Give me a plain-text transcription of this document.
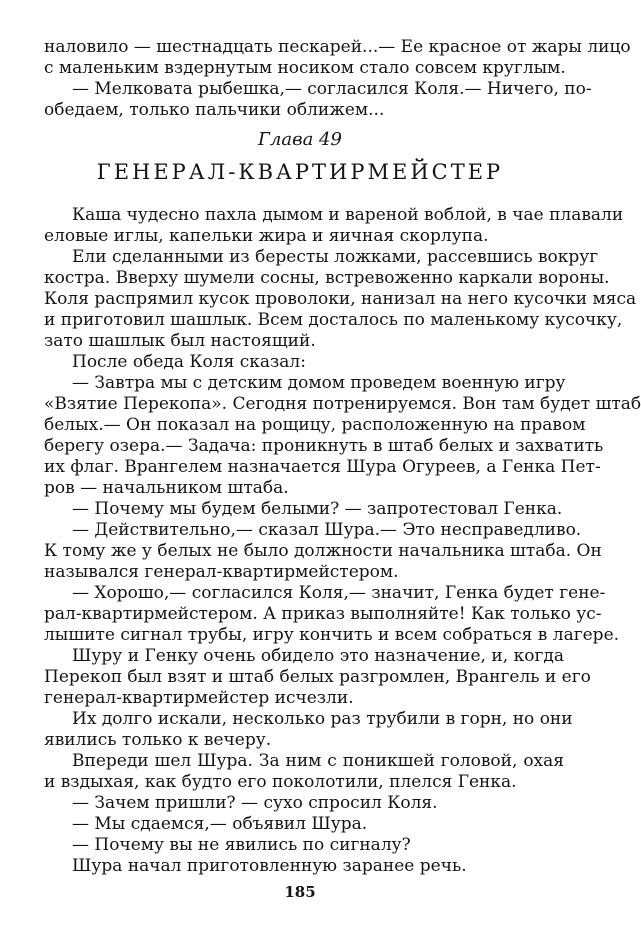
наловило — шестнадцать пескарей...— Ее красное от жары лицо
с маленьким вздернутым носиком стало совсем круглым.
— Мелковата рыбешка,— согласился Коля.— Ничего, по-
обедаем, только пальчики оближем...
Глава 49
ГЕНЕРАЛ-КВАРТИРМЕЙСТЕР
Каша чудесно пахла дымом и вареной воблой, в чае плавали
еловые иглы, капельки жира и яичная скорлупа.
Ели сделанными из бересты ложками, рассевшись вокруг
костра. Вверху шумели сосны, встревоженно каркали вороны.
Коля распрямил кусок проволоки, нанизал на него кусочки мяса
и приготовил шашлык. Всем досталось по маленькому кусочку,
зато шашлык был настоящий.
После обеда Коля сказал:
— Завтра мы с детским домом проведем военную игру
«Взятие Перекопа». Сегодня потренируемся. Вон там будет штаб
белых.— Он показал на рощицу, расположенную на правом
берегу озера.— Задача: проникнуть в штаб белых и захватить
их флаг. Врангелем назначается Шура Огуреев, а Генка Пет-
ров — начальником штаба.
— Почему мы будем белыми? — запротестовал Генка.
— Действительно,— сказал Шура.— Это несправедливо.
К тому же у белых не было должности начальника штаба. Он
назывался генерал-квартирмейстером.
— Хорошо,— согласился Коля,— значит, Генка будет гене-
рал-квартирмейстером. А приказ выполняйте! Как только ус-
лышите сигнал трубы, игру кончить и всем собраться в лагере.
Шуру и Генку очень обидело это назначение, и, когда
Перекоп был взят и штаб белых разгромлен, Врангель и его
генерал-квартирмейстер исчезли.
Их долго искали, несколько раз трубили в горн, но они
явились только к вечеру.
Впереди шел Шура. За ним с поникшей головой, охая
и вздыхая, как будто его поколотили, плелся Генка.
— Зачем пришли? — сухо спросил Коля.
— Мы сдаемся,— объявил Шура.
— Почему вы не явились по сигналу?
Шура начал приготовленную заранее речь.
185
